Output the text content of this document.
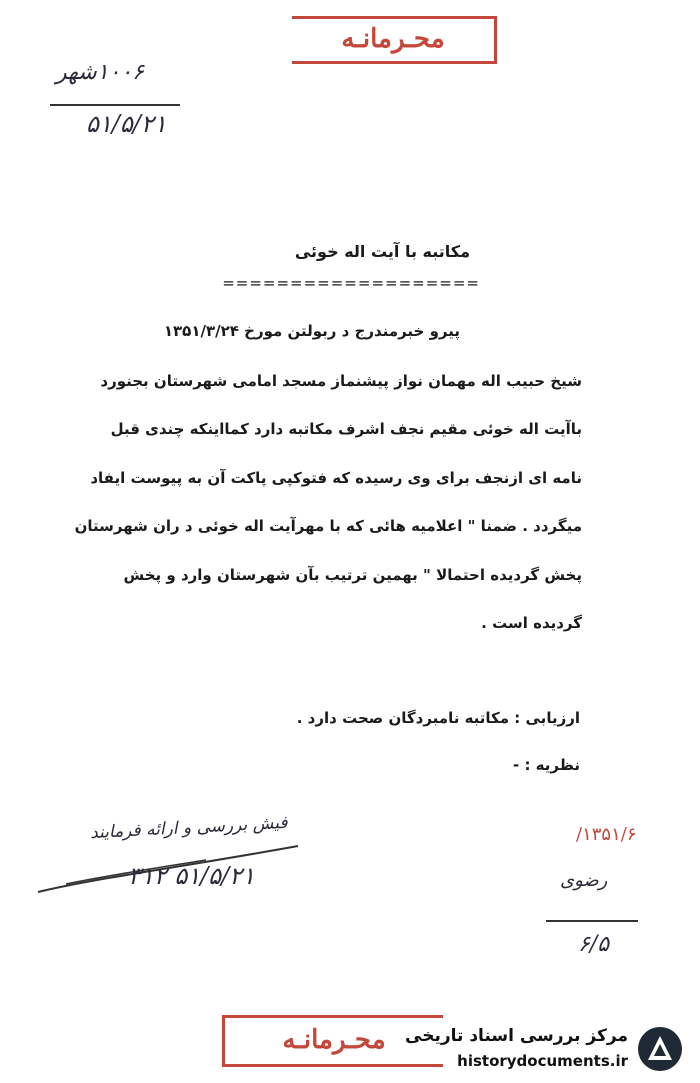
محـرمانـه
۱۰۰۶شهر
۵۱/۵/۲۱
مکاتبه با آیت اله خوئی
===================
پیرو خبرمندرج د ربولتن مورخ ۱۳۵۱/۳/۲۴
شیخ حبیب اله مهمان نواز پیشنماز مسجد امامی شهرستان بجنورد
باآیت اله خوئی مقیم نجف اشرف مکاتبه دارد کمااینکه چندی قبل
نامه ای ازنجف برای وی رسیده که فتوکپی پاکت آن به پیوست ایفاد
میگردد . ضمنا " اعلامیه هائی که با مهرآیت اله خوئی د ران شهرستان
پخش گردیده احتمالا " بهمین ترتیب بآن شهرستان وارد و پخش
گردیده است .
ارزیابی : مکاتبه نامبردگان صحت دارد .
نظریه : -
فیش بررسی و ارائه فرمایند
۵۱/۵/۲۱ ۳۱۲
۱۳۵۱/۶/
رضوی
۶/۵
محـرمانـه	مرکز بررسی اسناد تاریخی
historydocuments.ir
